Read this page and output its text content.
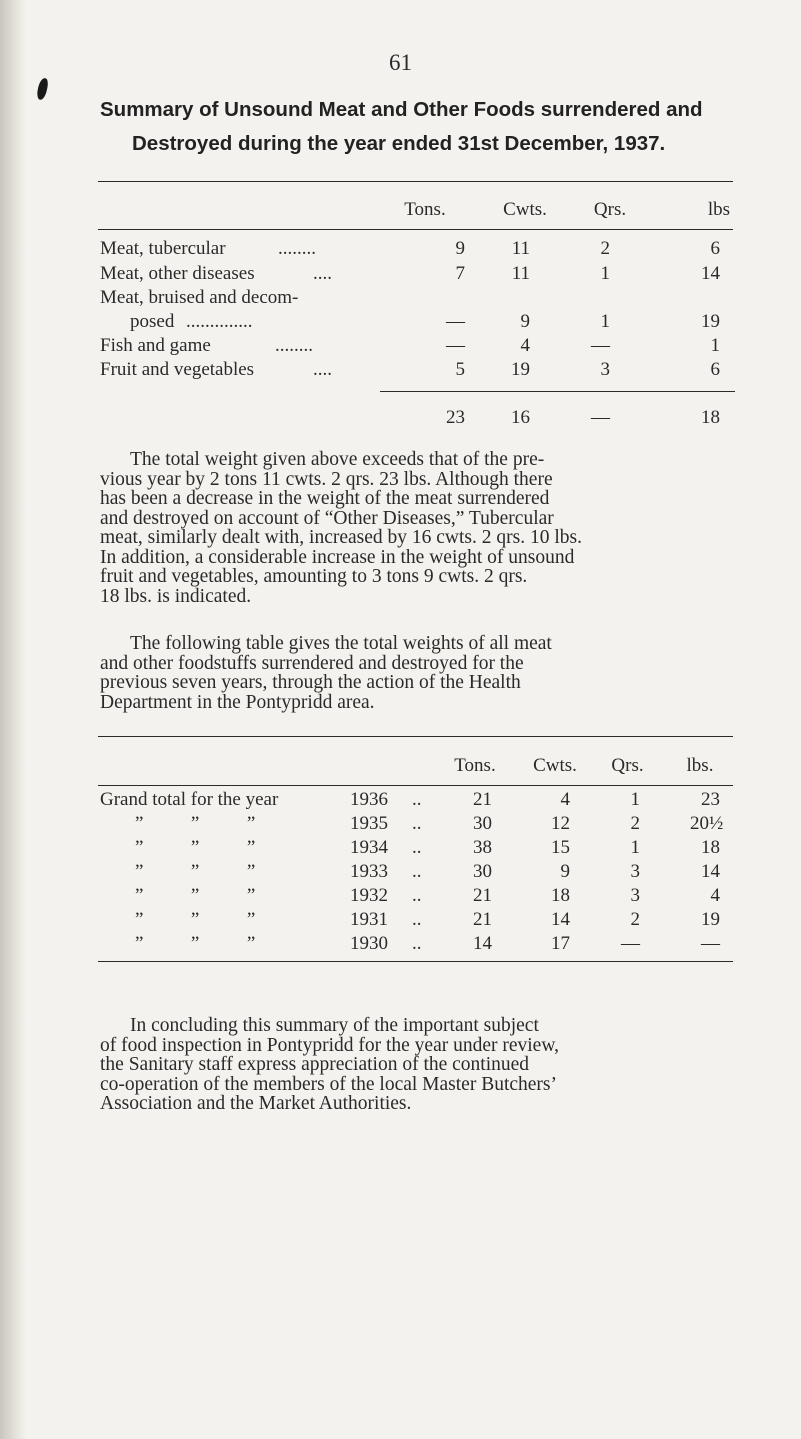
61
Summary of Unsound Meat and Other Foods surrendered and
Destroyed during the year ended 31st December, 1937.
Tons.	Cwts.	Qrs.	lbs
Meat, tubercular	........	9	11	2	6
Meat, other diseases	....	7	11	1	14
Meat, bruised and decom-
posed ..............	—	9	1	19
Fish and game	........	—	4	—	1
Fruit and vegetables	....	5	19	3	6
23	16	—	18
The total weight given above exceeds that of the pre-
vious year by 2 tons 11 cwts. 2 qrs. 23 lbs. Although there
has been a decrease in the weight of the meat surrendered
and destroyed on account of “Other Diseases,” Tubercular
meat, similarly dealt with, increased by 16 cwts. 2 qrs. 10 lbs.
In addition, a considerable increase in the weight of unsound
fruit and vegetables, amounting to 3 tons 9 cwts. 2 qrs.
18 lbs. is indicated.
The following table gives the total weights of all meat
and other foodstuffs surrendered and destroyed for the
previous seven years, through the action of the Health
Department in the Pontypridd area.
Tons.	Cwts.	Qrs.	lbs.
Grand total for the year	1936 ..	21	4	1	23
”          ”          ”	1935 ..	30	12	2	20½
”          ”          ”	1934 ..	38	15	1	18
”          ”          ”	1933 ..	30	9	3	14
”          ”          ”	1932 ..	21	18	3	4
”          ”          ”	1931 ..	21	14	2	19
”          ”          ”	1930 ..	14	17	—	—
In concluding this summary of the important subject
of food inspection in Pontypridd for the year under review,
the Sanitary staff express appreciation of the continued
co-operation of the members of the local Master Butchers’
Association and the Market Authorities.
